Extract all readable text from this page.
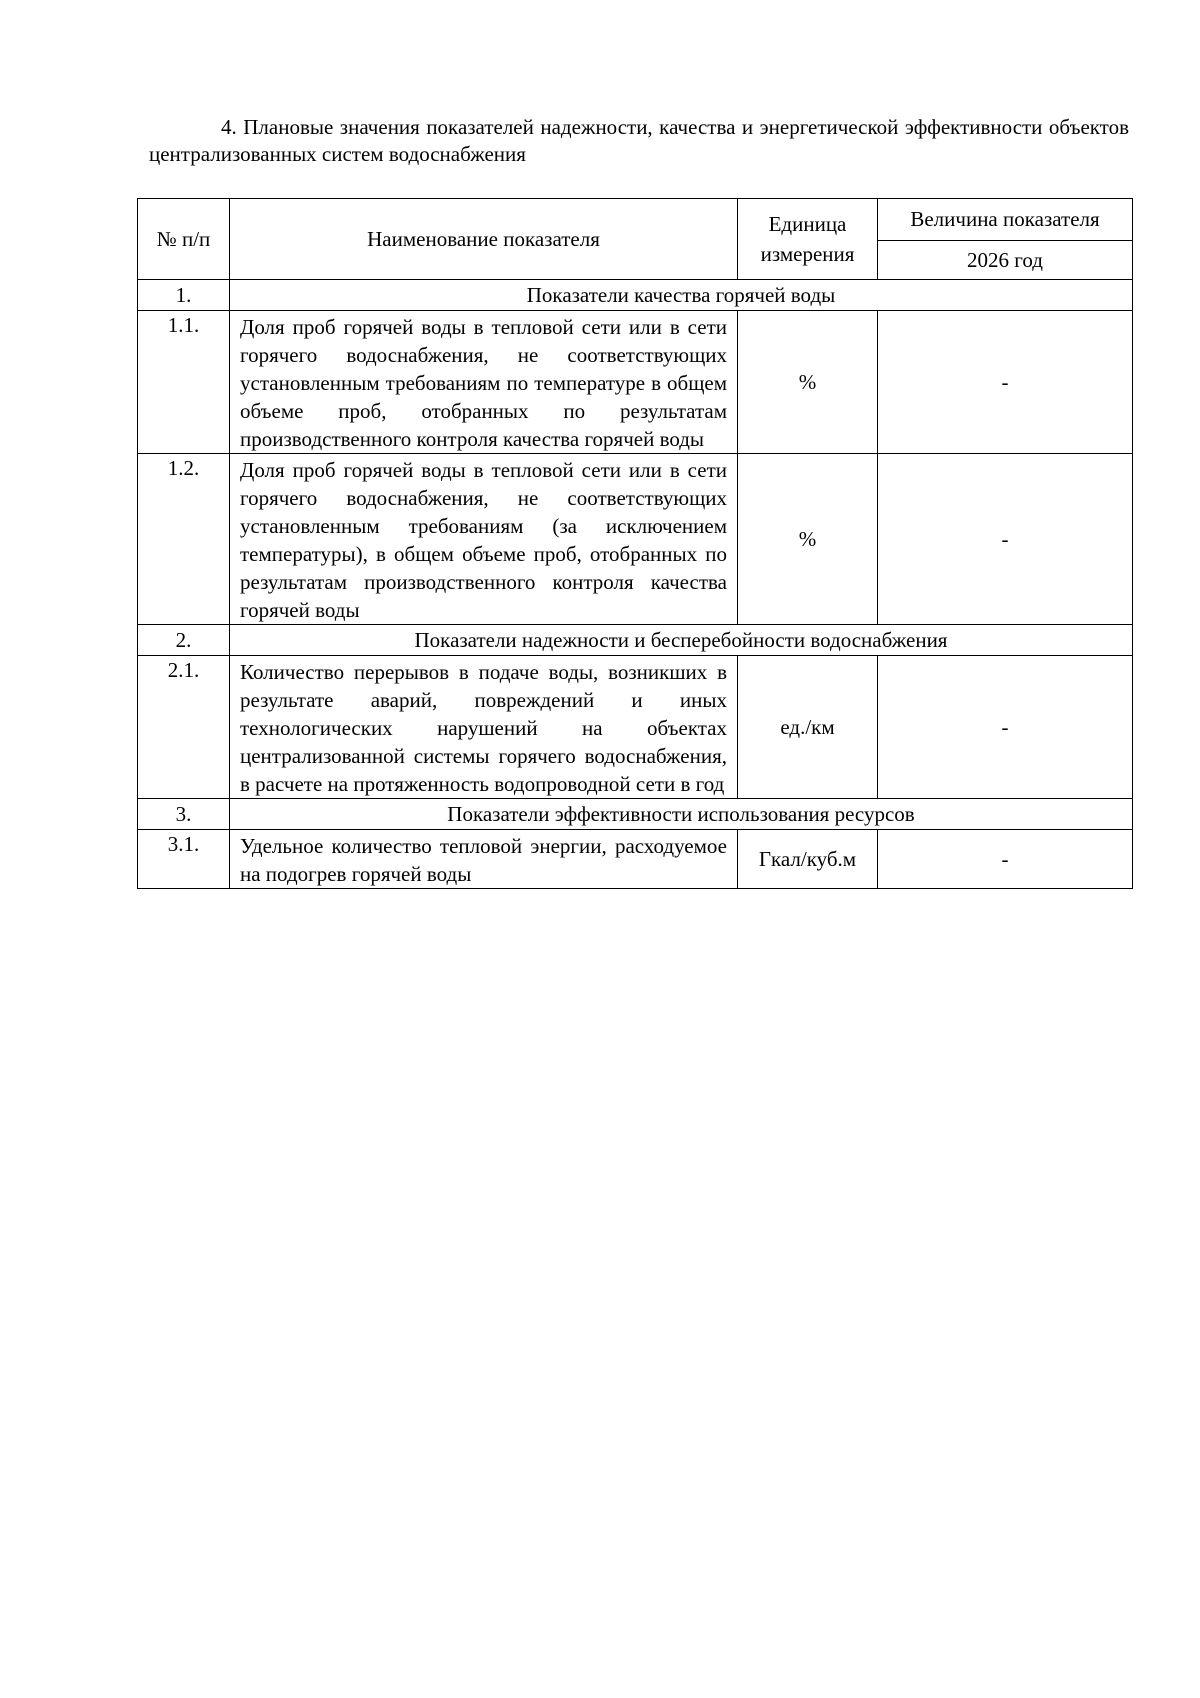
4. Плановые значения показателей надежности, качества и энергетической эффективности объектов централизованных систем водоснабжения
№ п/п	Наименование показателя	Единица измерения	Величина показателя
			2026 год
1.	Показатели качества горячей воды		
1.1.	Доля проб горячей воды в тепловой сети или в сети горячего водоснабжения, не соответствующих установленным требованиям по температуре в общем объеме проб, отобранных по результатам производственного контроля качества горячей воды	%	-
1.2.	Доля проб горячей воды в тепловой сети или в сети горячего водоснабжения, не соответствующих установленным требованиям (за исключением температуры), в общем объеме проб, отобранных по результатам производственного контроля качества горячей воды	%	-
2.	Показатели надежности и бесперебойности водоснабжения		
2.1.	Количество перерывов в подаче воды, возникших в результате аварий, повреждений и иных технологических нарушений на объектах централизованной системы горячего водоснабжения, в расчете на протяженность водопроводной сети в год	ед./км	-
3.	Показатели эффективности использования ресурсов		
3.1.	Удельное количество тепловой энергии, расходуемое на подогрев горячей воды	Гкал/куб.м	-
